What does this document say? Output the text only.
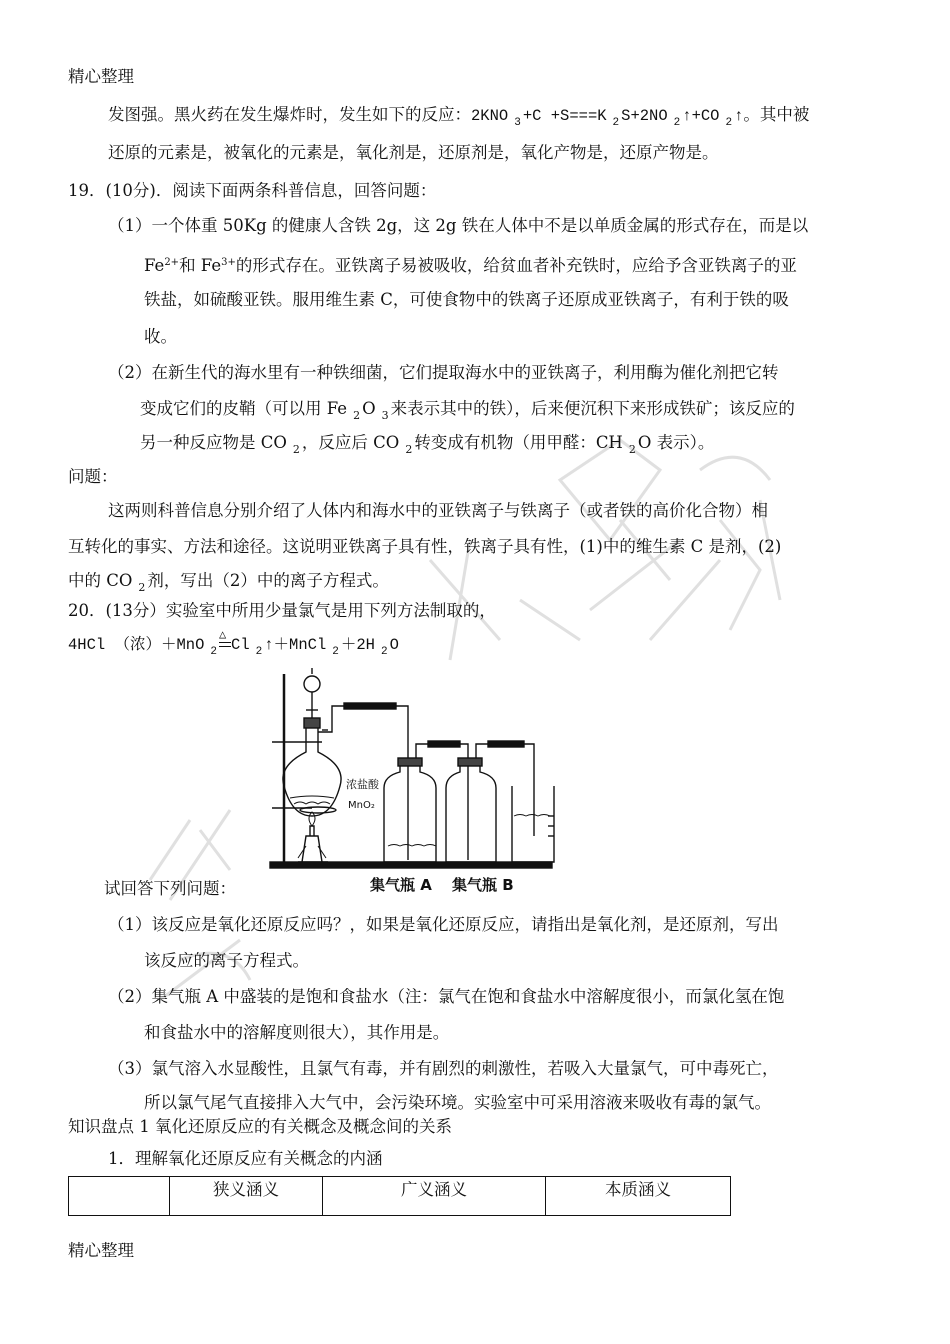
精心整理
发图强。黑火药在发生爆炸时，发生如下的反应：2KNO $_3$ +C +S===K $_2$ S+2NO $_2$ ↑+CO $_2$ ↑。其中被
还原的元素是，被氧化的元素是，氧化剂是，还原剂是，氧化产物是，还原产物是。
19．(10分)．阅读下面两条科普信息，回答问题：
（1）一个体重 50Kg 的健康人含铁 2g，这 2g 铁在人体中不是以单质金属的形式存在，而是以
$Fe^{2+}$和 $Fe^{3+}$的形式存在。亚铁离子易被吸收，给贫血者补充铁时，应给予含亚铁离子的亚
铁盐，如硫酸亚铁。服用维生素 C，可使食物中的铁离子还原成亚铁离子，有利于铁的吸
收。
（2）在新生代的海水里有一种铁细菌，它们提取海水中的亚铁离子，利用酶为催化剂把它转
变成它们的皮鞘（可以用 Fe $_2$ O $_3$ 来表示其中的铁），后来便沉积下来形成铁矿；该反应的
另一种反应物是 CO $_2$ ，反应后 CO $_2$ 转变成有机物（用甲醛：CH $_2$ O 表示）。
问题：
这两则科普信息分别介绍了人体内和海水中的亚铁离子与铁离子（或者铁的高价化合物）相
互转化的事实、方法和途径。这说明亚铁离子具有性，铁离子具有性，(1)中的维生素 C 是剂，(2)
中的 CO $_2$ 剂，写出（2）中的离子方程式。
20．(13分）实验室中所用少量氯气是用下列方法制取的，
4HCl （浓）＋MnO $_2$
△
Cl $_2$ ↑＋MnCl $_2$ ＋2H $_2$ O
浓盐酸
MnO₂
集气瓶 A 集气瓶 B
试回答下列问题：
（1）该反应是氧化还原反应吗？，如果是氧化还原反应，请指出是氧化剂，是还原剂，写出
该反应的离子方程式。
（2）集气瓶 A 中盛装的是饱和食盐水（注：氯气在饱和食盐水中溶解度很小，而氯化氢在饱
和食盐水中的溶解度则很大），其作用是。
（3）氯气溶入水显酸性，且氯气有毒，并有剧烈的刺激性，若吸入大量氯气，可中毒死亡，
所以氯气尾气直接排入大气中，会污染环境。实验室中可采用溶液来吸收有毒的氯气。
知识盘点 1 氧化还原反应的有关概念及概念间的关系
1．理解氧化还原反应有关概念的内涵
	狭义涵义	广义涵义	本质涵义
精心整理
